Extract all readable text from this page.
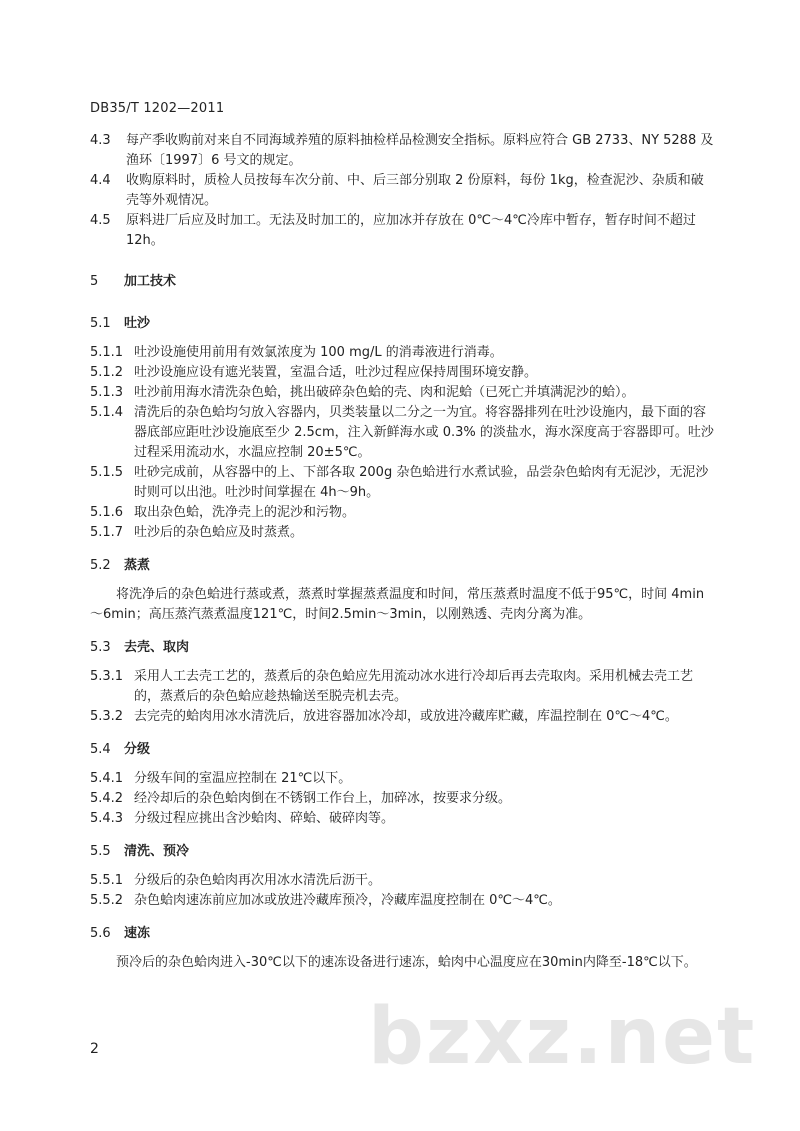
DB35/T 1202—2011

4.3	每产季收购前对来自不同海域养殖的原料抽检样品检测安全指标。原料应符合 GB 2733、NY 5288 及渔环〔1997〕6 号文的规定。

4.4	收购原料时，质检人员按每车次分前、中、后三部分别取 2 份原料，每份 1kg，检查泥沙、杂质和破壳等外观情况。

4.5	原料进厂后应及时加工。无法及时加工的，应加冰并存放在 0℃～4℃冷库中暂存，暂存时间不超过 12h。

5 加工技术

5.1 吐沙

5.1.1 吐沙设施使用前用有效氯浓度为 100 mg/L 的消毒液进行消毒。

5.1.2 吐沙设施应设有遮光装置，室温合适，吐沙过程应保持周围环境安静。

5.1.3 吐沙前用海水清洗杂色蛤，挑出破碎杂色蛤的壳、肉和泥蛤（已死亡并填满泥沙的蛤）。

5.1.4 清洗后的杂色蛤均匀放入容器内，贝类装量以二分之一为宜。将容器排列在吐沙设施内，最下面的容器底部应距吐沙设施底至少 2.5cm，注入新鲜海水或 0.3% 的淡盐水，海水深度高于容器即可。吐沙过程采用流动水，水温应控制 20±5℃。

5.1.5 吐砂完成前，从容器中的上、下部各取 200g 杂色蛤进行水煮试验，品尝杂色蛤肉有无泥沙，无泥沙时则可以出池。吐沙时间掌握在 4h～9h。

5.1.6 取出杂色蛤，洗净壳上的泥沙和污物。

5.1.7 吐沙后的杂色蛤应及时蒸煮。

5.2 蒸煮

将洗净后的杂色蛤进行蒸或煮，蒸煮时掌握蒸煮温度和时间，常压蒸煮时温度不低于95℃，时间 4min～6min；高压蒸汽蒸煮温度121℃，时间2.5min～3min，以刚熟透、壳肉分离为准。

5.3 去壳、取肉

5.3.1 采用人工去壳工艺的，蒸煮后的杂色蛤应先用流动冰水进行冷却后再去壳取肉。采用机械去壳工艺的，蒸煮后的杂色蛤应趁热输送至脱壳机去壳。

5.3.2 去完壳的蛤肉用冰水清洗后，放进容器加冰冷却，或放进冷藏库贮藏，库温控制在 0℃～4℃。

5.4 分级

5.4.1 分级车间的室温应控制在 21℃以下。

5.4.2 经冷却后的杂色蛤肉倒在不锈钢工作台上，加碎冰，按要求分级。

5.4.3 分级过程应挑出含沙蛤肉、碎蛤、破碎肉等。

5.5 清洗、预冷

5.5.1 分级后的杂色蛤肉再次用冰水清洗后沥干。

5.5.2 杂色蛤肉速冻前应加冰或放进冷藏库预冷，冷藏库温度控制在 0℃～4℃。

5.6 速冻

预冷后的杂色蛤肉进入-30℃以下的速冻设备进行速冻，蛤肉中心温度应在30min内降至-18℃以下。

bzxz.net
2
